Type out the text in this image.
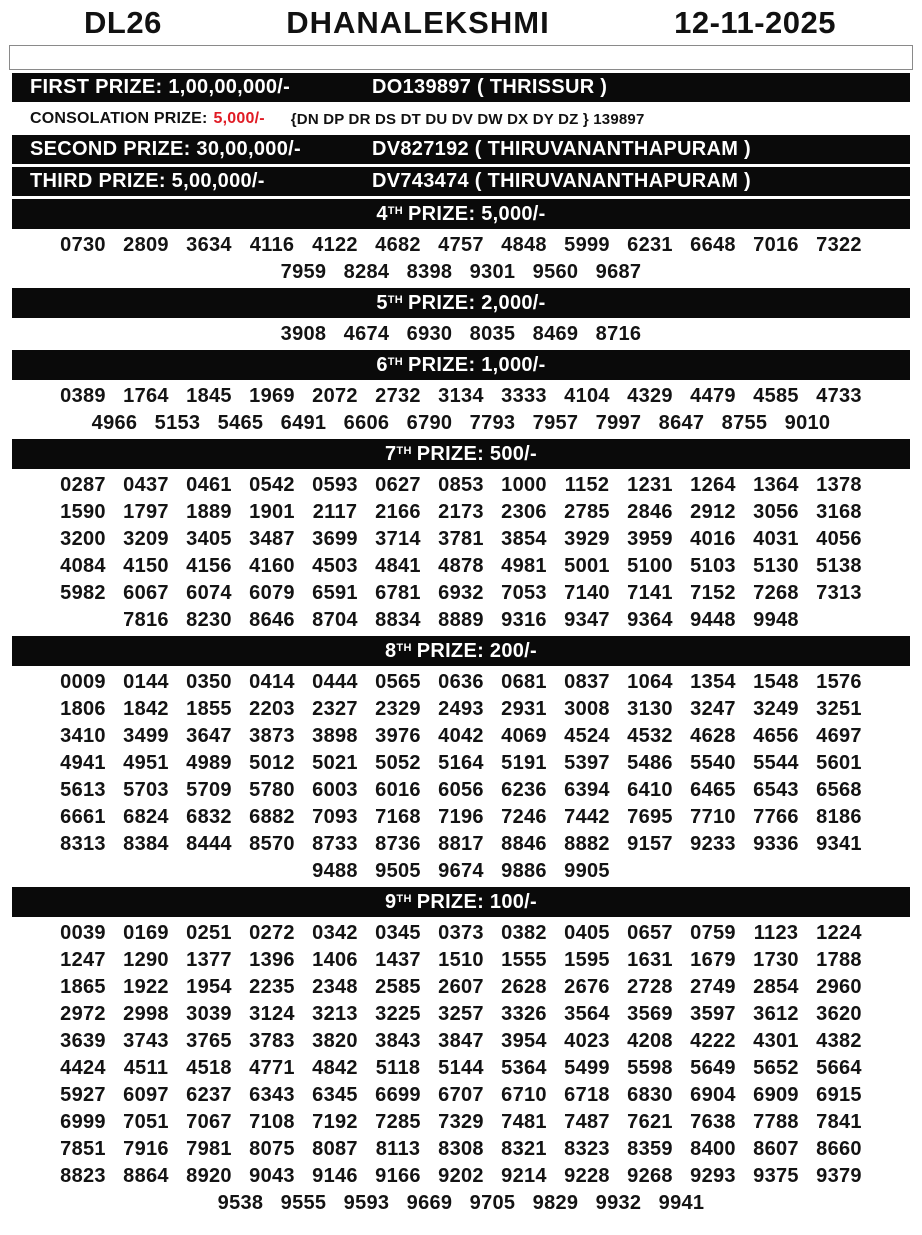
DL26	DHANALEKSHMI	12-11-2025
FIRST PRIZE: 1,00,00,000/-	DO139897 ( THRISSUR )
CONSOLATION PRIZE: 5,000/- {DN DP DR DS DT DU DV DW DX DY DZ } 139897
SECOND PRIZE: 30,00,000/-	DV827192 ( THIRUVANANTHAPURAM )
THIRD PRIZE: 5,00,000/-	DV743474 ( THIRUVANANTHAPURAM )
4TH PRIZE: 5,000/-
0730 2809 3634 4116 4122 4682 4757 4848 5999 6231 6648 7016 7322
7959 8284 8398 9301 9560 9687
5TH PRIZE: 2,000/-
3908 4674 6930 8035 8469 8716
6TH PRIZE: 1,000/-
0389 1764 1845 1969 2072 2732 3134 3333 4104 4329 4479 4585 4733
4966 5153 5465 6491 6606 6790 7793 7957 7997 8647 8755 9010
7TH PRIZE: 500/-
0287 0437 0461 0542 0593 0627 0853 1000 1152 1231 1264 1364 1378
1590 1797 1889 1901 2117 2166 2173 2306 2785 2846 2912 3056 3168
3200 3209 3405 3487 3699 3714 3781 3854 3929 3959 4016 4031 4056
4084 4150 4156 4160 4503 4841 4878 4981 5001 5100 5103 5130 5138
5982 6067 6074 6079 6591 6781 6932 7053 7140 7141 7152 7268 7313
7816 8230 8646 8704 8834 8889 9316 9347 9364 9448 9948
8TH PRIZE: 200/-
0009 0144 0350 0414 0444 0565 0636 0681 0837 1064 1354 1548 1576
1806 1842 1855 2203 2327 2329 2493 2931 3008 3130 3247 3249 3251
3410 3499 3647 3873 3898 3976 4042 4069 4524 4532 4628 4656 4697
4941 4951 4989 5012 5021 5052 5164 5191 5397 5486 5540 5544 5601
5613 5703 5709 5780 6003 6016 6056 6236 6394 6410 6465 6543 6568
6661 6824 6832 6882 7093 7168 7196 7246 7442 7695 7710 7766 8186
8313 8384 8444 8570 8733 8736 8817 8846 8882 9157 9233 9336 9341
9488 9505 9674 9886 9905
9TH PRIZE: 100/-
0039 0169 0251 0272 0342 0345 0373 0382 0405 0657 0759 1123 1224
1247 1290 1377 1396 1406 1437 1510 1555 1595 1631 1679 1730 1788
1865 1922 1954 2235 2348 2585 2607 2628 2676 2728 2749 2854 2960
2972 2998 3039 3124 3213 3225 3257 3326 3564 3569 3597 3612 3620
3639 3743 3765 3783 3820 3843 3847 3954 4023 4208 4222 4301 4382
4424 4511 4518 4771 4842 5118 5144 5364 5499 5598 5649 5652 5664
5927 6097 6237 6343 6345 6699 6707 6710 6718 6830 6904 6909 6915
6999 7051 7067 7108 7192 7285 7329 7481 7487 7621 7638 7788 7841
7851 7916 7981 8075 8087 8113 8308 8321 8323 8359 8400 8607 8660
8823 8864 8920 9043 9146 9166 9202 9214 9228 9268 9293 9375 9379
9538 9555 9593 9669 9705 9829 9932 9941
